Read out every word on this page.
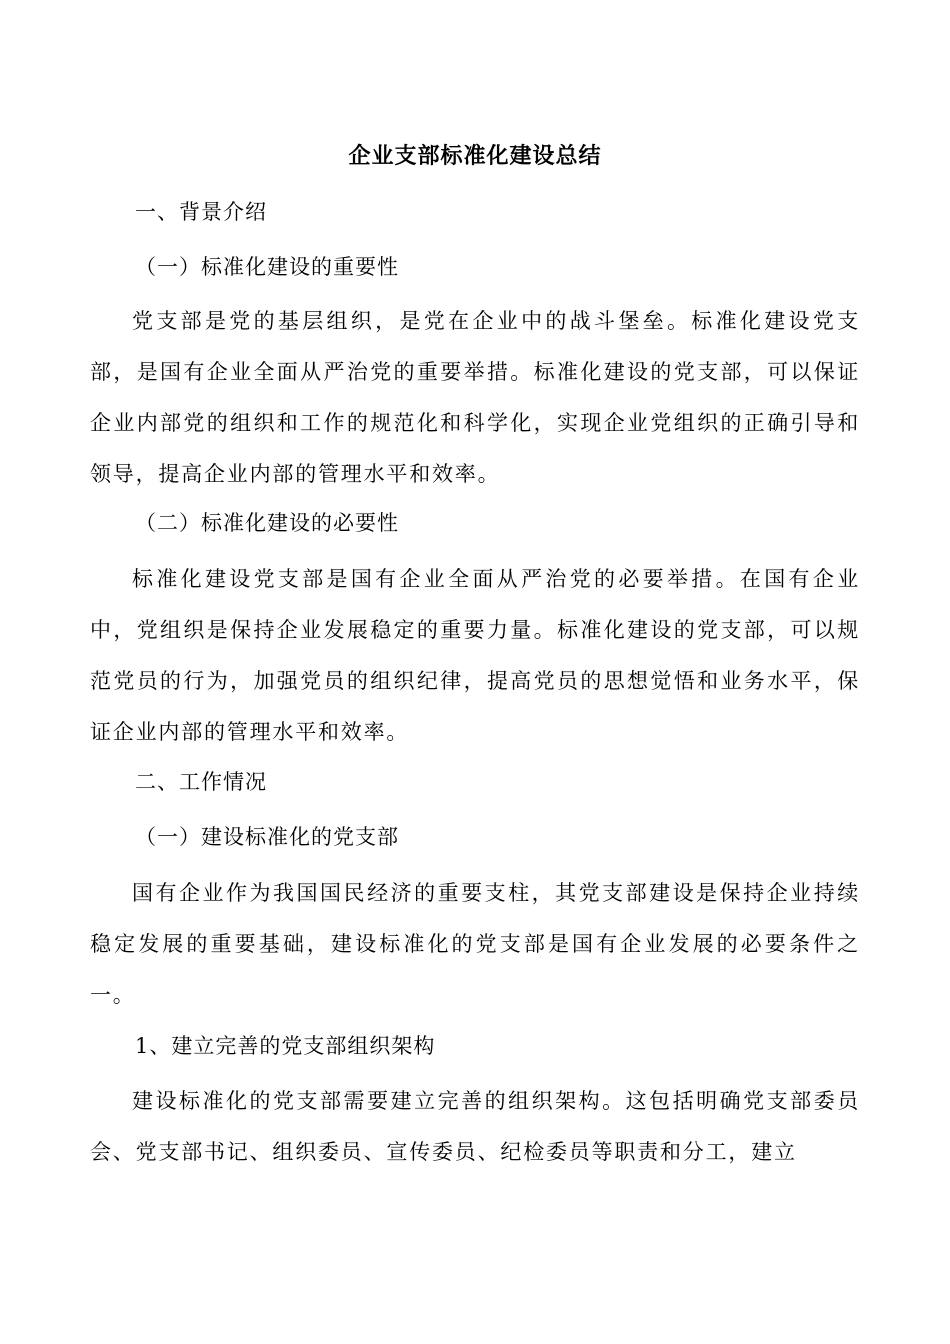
企业支部标准化建设总结
一、背景介绍
（一）标准化建设的重要性
党支部是党的基层组织，是党在企业中的战斗堡垒。标准化建设党支部，是国有企业全面从严治党的重要举措。标准化建设的党支部，可以保证企业内部党的组织和工作的规范化和科学化，实现企业党组织的正确引导和领导，提高企业内部的管理水平和效率。
（二）标准化建设的必要性
标准化建设党支部是国有企业全面从严治党的必要举措。在国有企业中，党组织是保持企业发展稳定的重要力量。标准化建设的党支部，可以规范党员的行为，加强党员的组织纪律，提高党员的思想觉悟和业务水平，保证企业内部的管理水平和效率。
二、工作情况
（一）建设标准化的党支部
国有企业作为我国国民经济的重要支柱，其党支部建设是保持企业持续稳定发展的重要基础，建设标准化的党支部是国有企业发展的必要条件之一。
1、建立完善的党支部组织架构
建设标准化的党支部需要建立完善的组织架构。这包括明确党支部委员会、党支部书记、组织委员、宣传委员、纪检委员等职责和分工，建立
